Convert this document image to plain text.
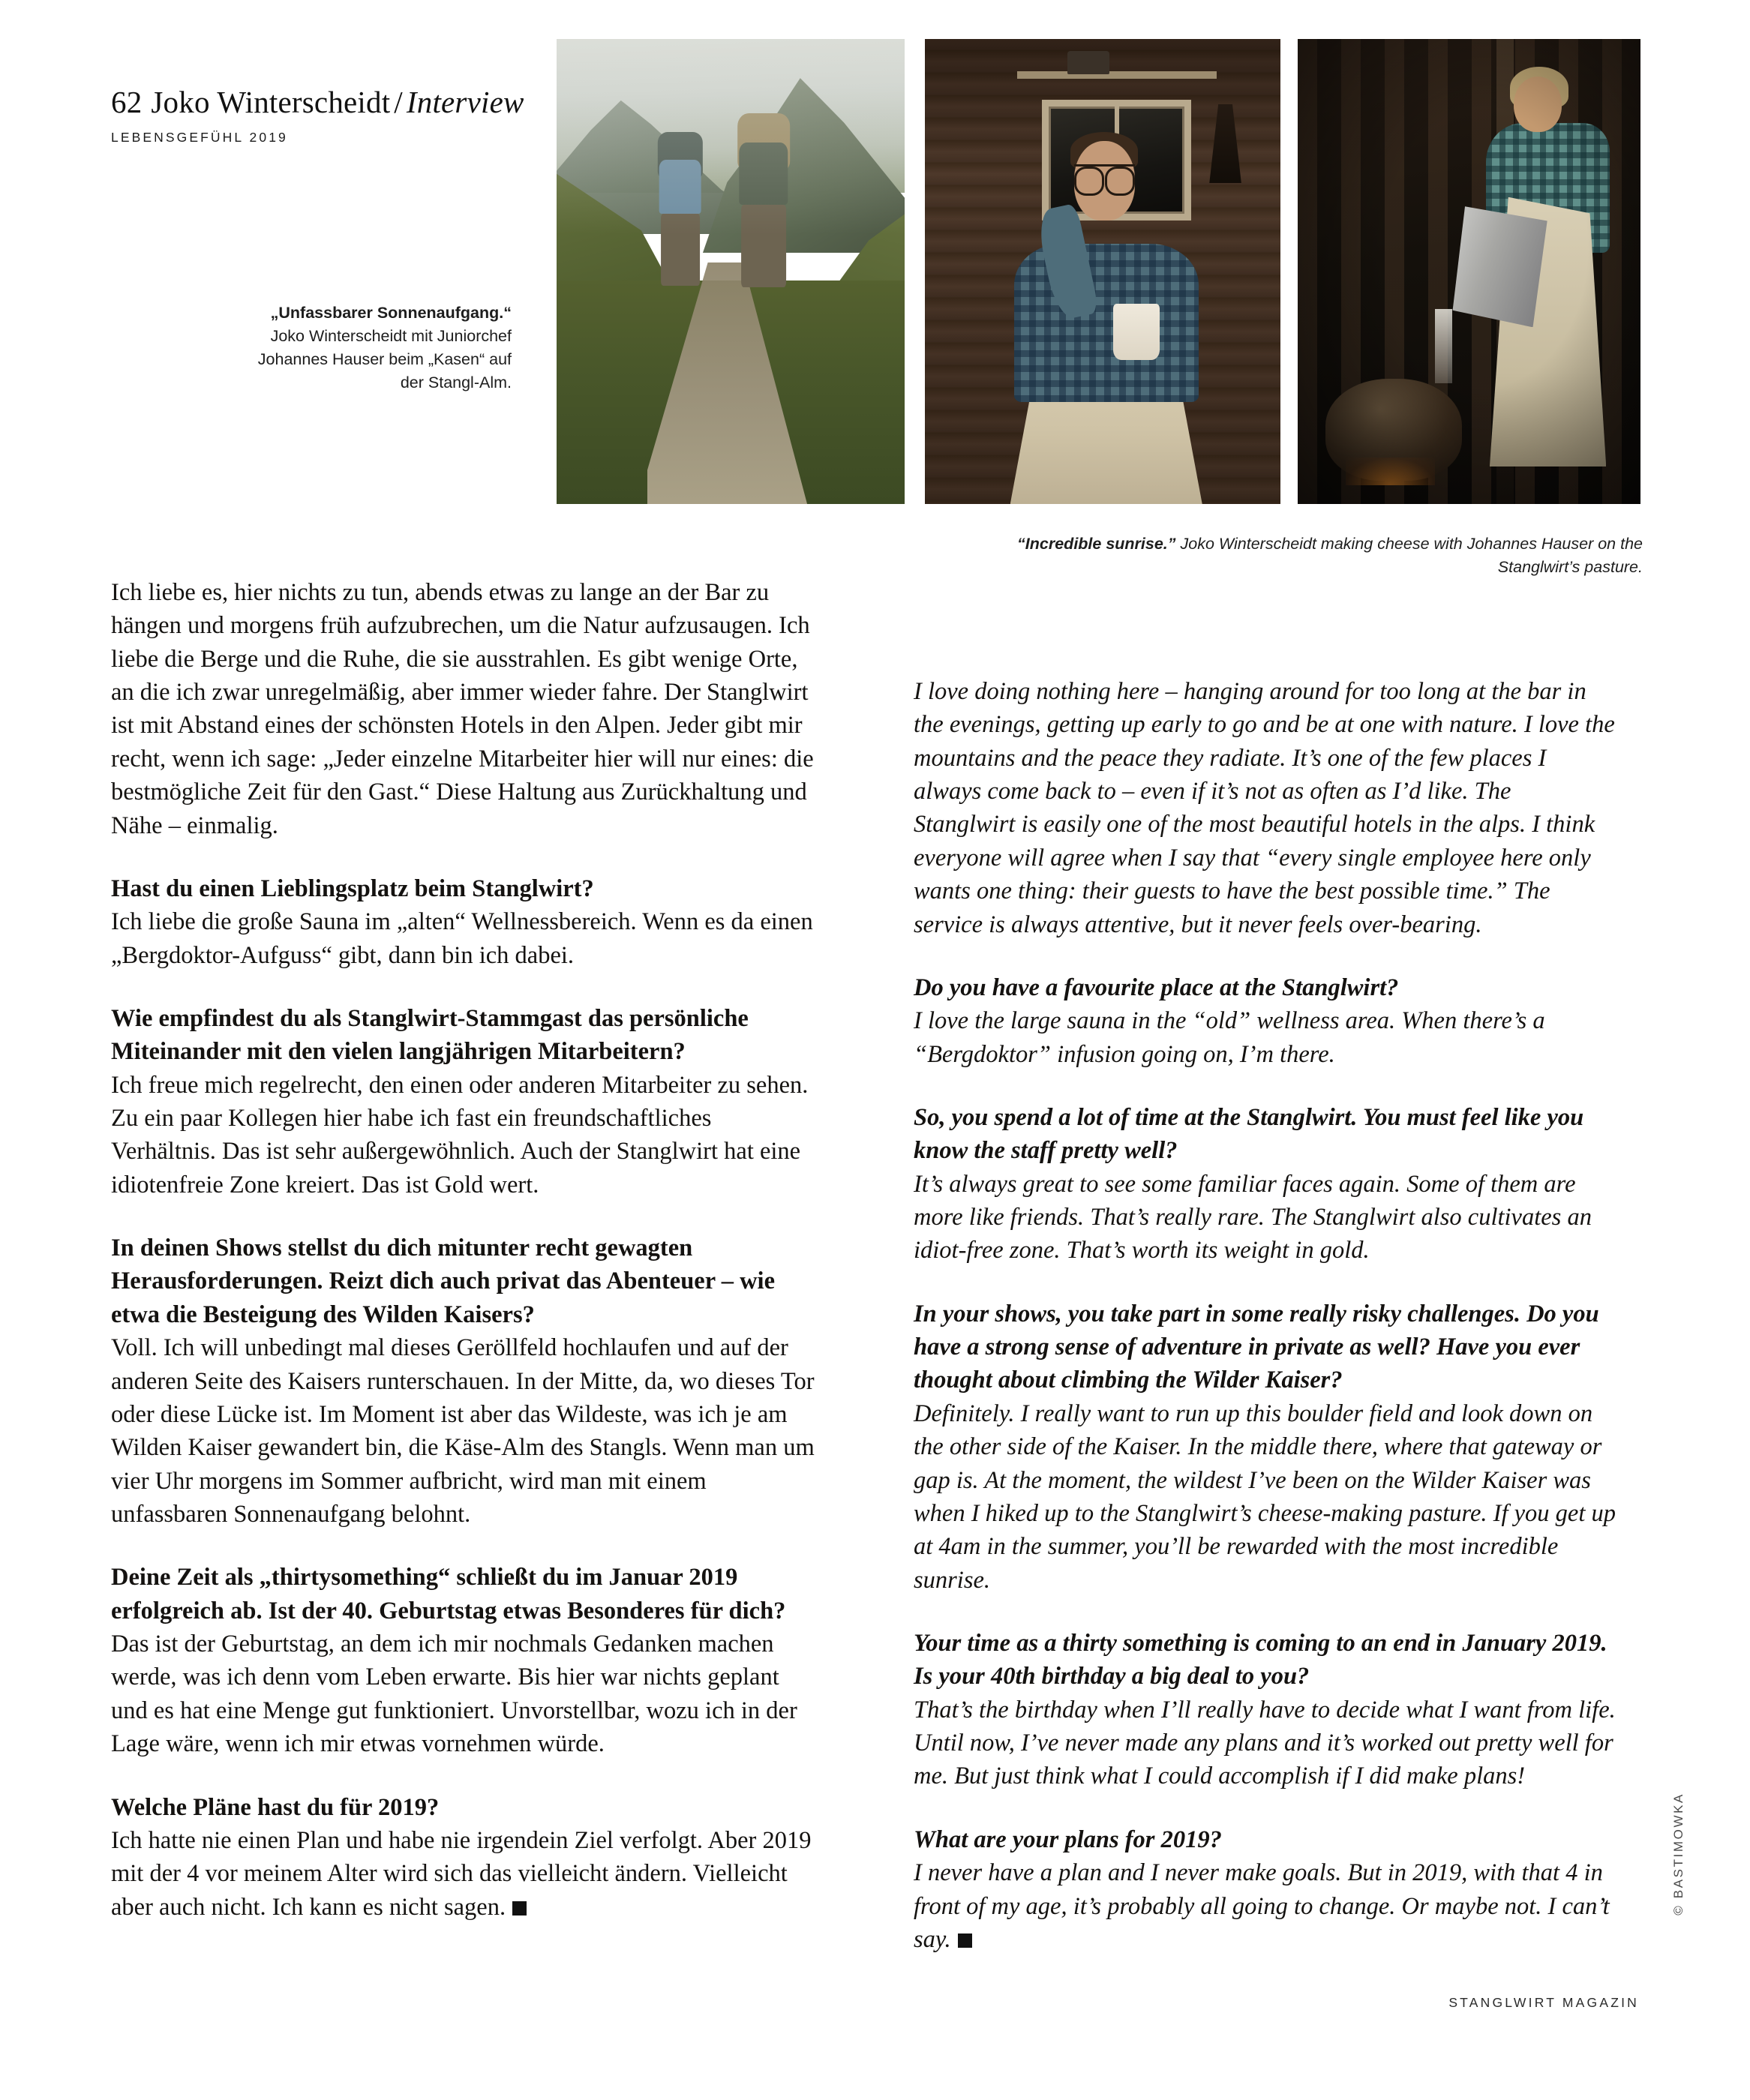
62 Joko Winterscheidt / Interview
LEBENSGEFÜHL 2019
„Unfassbarer Sonnenaufgang.“ Joko Winterscheidt mit Juniorchef Johannes Hauser beim „Kasen“ auf der Stangl-Alm.
“Incredible sunrise.” Joko Winterscheidt making cheese with Johannes Hauser on the Stanglwirt’s pasture.

Ich liebe es, hier nichts zu tun, abends etwas zu lange an der Bar zu hängen und morgens früh aufzubrechen, um die Natur aufzusaugen. Ich liebe die Berge und die Ruhe, die sie ausstrahlen. Es gibt wenige Orte, an die ich zwar unregelmäßig, aber immer wieder fahre. Der Stanglwirt ist mit Abstand eines der schönsten Hotels in den Alpen. Jeder gibt mir recht, wenn ich sage: „Jeder einzelne Mitarbeiter hier will nur eines: die bestmögliche Zeit für den Gast.“ Diese Haltung aus Zurückhaltung und Nähe – einmalig.

Hast du einen Lieblingsplatz beim Stanglwirt?

Ich liebe die große Sauna im „alten“ Wellnessbereich. Wenn es da einen „Bergdoktor-Aufguss“ gibt, dann bin ich dabei.

Wie empfindest du als Stanglwirt-Stammgast das persönliche Miteinander mit den vielen langjährigen Mitarbeitern?

Ich freue mich regelrecht, den einen oder anderen Mitarbeiter zu sehen. Zu ein paar Kollegen hier habe ich fast ein freundschaftliches Verhältnis. Das ist sehr außergewöhnlich. Auch der Stanglwirt hat eine idiotenfreie Zone kreiert. Das ist Gold wert.

In deinen Shows stellst du dich mitunter recht gewagten Herausforderungen. Reizt dich auch privat das Abenteuer – wie etwa die Besteigung des Wilden Kaisers?

Voll. Ich will unbedingt mal dieses Geröllfeld hochlaufen und auf der anderen Seite des Kaisers runterschauen. In der Mitte, da, wo dieses Tor oder diese Lücke ist. Im Moment ist aber das Wildeste, was ich je am Wilden Kaiser gewandert bin, die Käse-Alm des Stangls. Wenn man um vier Uhr morgens im Sommer aufbricht, wird man mit einem unfassbaren Sonnenaufgang belohnt.

Deine Zeit als „thirtysomething“ schließt du im Januar 2019 erfolgreich ab. Ist der 40. Geburtstag etwas Besonderes für dich?

Das ist der Geburtstag, an dem ich mir nochmals Gedanken machen werde, was ich denn vom Leben erwarte. Bis hier war nichts geplant und es hat eine Menge gut funktioniert. Unvorstellbar, wozu ich in der Lage wäre, wenn ich mir etwas vornehmen würde.

Welche Pläne hast du für 2019?

Ich hatte nie einen Plan und habe nie irgendein Ziel verfolgt. Aber 2019 mit der 4 vor meinem Alter wird sich das vielleicht ändern. Vielleicht aber auch nicht. Ich kann es nicht sagen.

I love doing nothing here – hanging around for too long at the bar in the evenings, getting up early to go and be at one with nature. I love the mountains and the peace they radiate. It’s one of the few places I always come back to – even if it’s not as often as I’d like. The Stanglwirt is easily one of the most beautiful hotels in the alps. I think everyone will agree when I say that “every single employee here only wants one thing: their guests to have the best possible time.” The service is always attentive, but it never feels over-bearing.

Do you have a favourite place at the Stanglwirt?

I love the large sauna in the “old” wellness area. When there’s a “Bergdoktor” infusion going on, I’m there.

So, you spend a lot of time at the Stanglwirt. You must feel like you know the staff pretty well?

It’s always great to see some familiar faces again. Some of them are more like friends. That’s really rare. The Stanglwirt also cultivates an idiot-free zone. That’s worth its weight in gold.

In your shows, you take part in some really risky challenges. Do you have a strong sense of adventure in private as well? Have you ever thought about climbing the Wilder Kaiser?

Definitely. I really want to run up this boulder field and look down on the other side of the Kaiser. In the middle there, where that gateway or gap is. At the moment, the wildest I’ve been on the Wilder Kaiser was when I hiked up to the Stanglwirt’s cheese-making pasture. If you get up at 4am in the summer, you’ll be rewarded with the most incredible sunrise.

Your time as a thirty something is coming to an end in January 2019. Is your 40th birthday a big deal to you?

That’s the birthday when I’ll really have to decide what I want from life. Until now, I’ve never made any plans and it’s worked out pretty well for me. But just think what I could accomplish if I did make plans!

What are your plans for 2019?

I never have a plan and I never make goals. But in 2019, with that 4 in front of my age, it’s probably all going to change. Or maybe not. I can’t say.

© BASTIMOWKA
STANGLWIRT MAGAZIN
